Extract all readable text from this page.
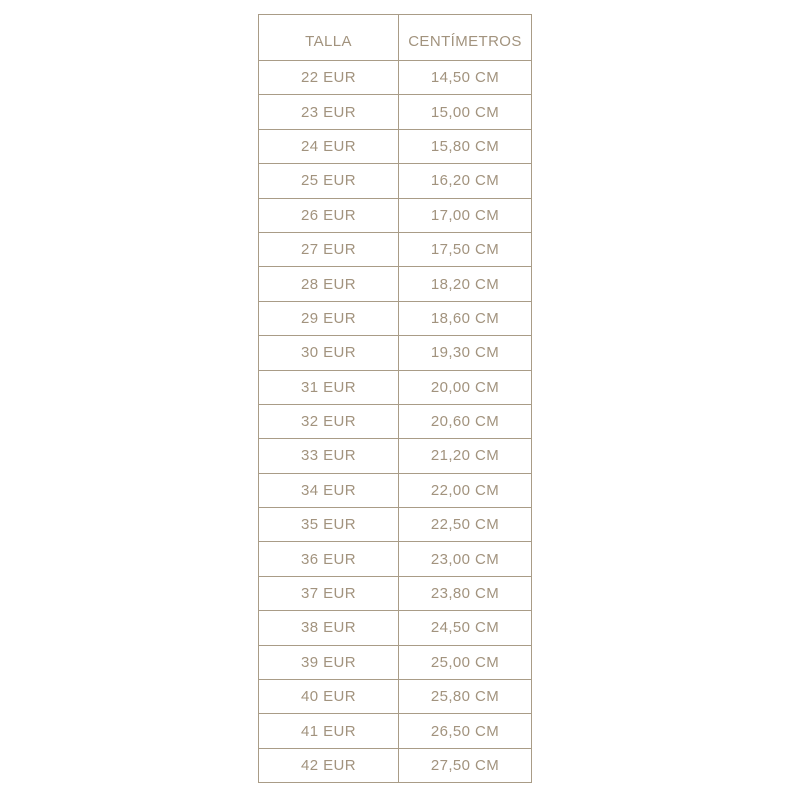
TALLA	CENTÍMETROS
22 EUR	14,50 CM
23 EUR	15,00 CM
24 EUR	15,80 CM
25 EUR	16,20 CM
26 EUR	17,00 CM
27 EUR	17,50 CM
28 EUR	18,20 CM
29 EUR	18,60 CM
30 EUR	19,30 CM
31 EUR	20,00 CM
32 EUR	20,60 CM
33 EUR	21,20 CM
34 EUR	22,00 CM
35 EUR	22,50 CM
36 EUR	23,00 CM
37 EUR	23,80 CM
38 EUR	24,50 CM
39 EUR	25,00 CM
40 EUR	25,80 CM
41 EUR	26,50 CM
42 EUR	27,50 CM
